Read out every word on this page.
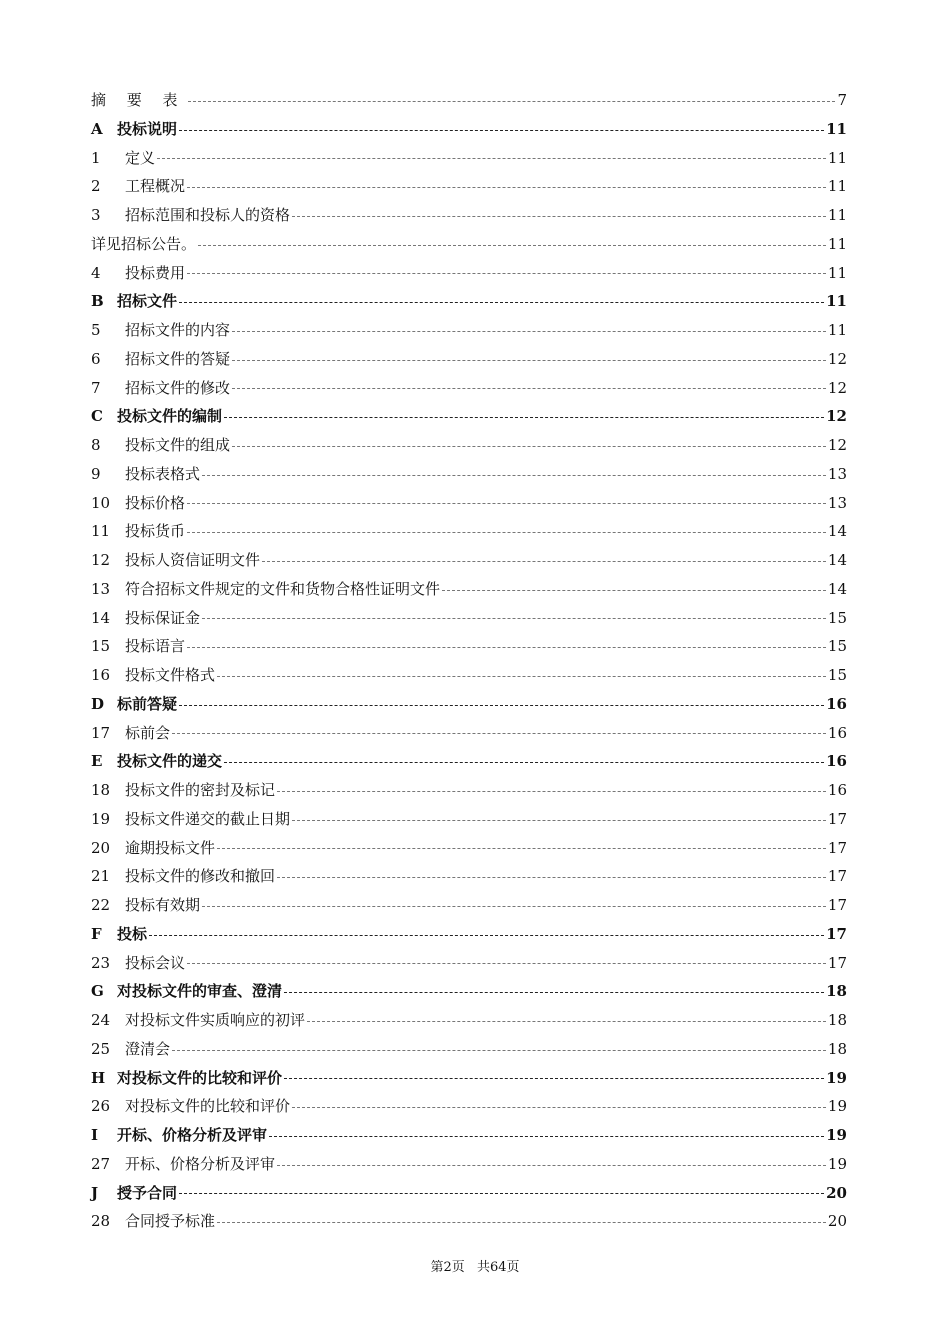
摘 要 表	7
A 投标说明	11
1	定义	11
2	工程概况	11
3	招标范围和投标人的资格	11
详见招标公告。	11
4	投标费用	11
B 招标文件	11
5	招标文件的内容	11
6	招标文件的答疑	12
7	招标文件的修改	12
C 投标文件的编制	12
8	投标文件的组成	12
9	投标表格式	13
10 投标价格	13
11 投标货币	14
12 投标人资信证明文件	14
13 符合招标文件规定的文件和货物合格性证明文件	14
14 投标保证金	15
15 投标语言	15
16 投标文件格式	15
D 标前答疑	16
17 标前会	16
E 投标文件的递交	16
18 投标文件的密封及标记	16
19 投标文件递交的截止日期	17
20 逾期投标文件	17
21 投标文件的修改和撤回	17
22 投标有效期	17
F	投标	17
23 投标会议	17
G 对投标文件的审查、澄清	18
24 对投标文件实质响应的初评	18
25 澄清会	18
H 对投标文件的比较和评价	19
26 对投标文件的比较和评价	19
I	开标、价格分析及评审	19
27 开标、价格分析及评审	19
J	授予合同	20
28 合同授予标准	20
第2页 共64页
